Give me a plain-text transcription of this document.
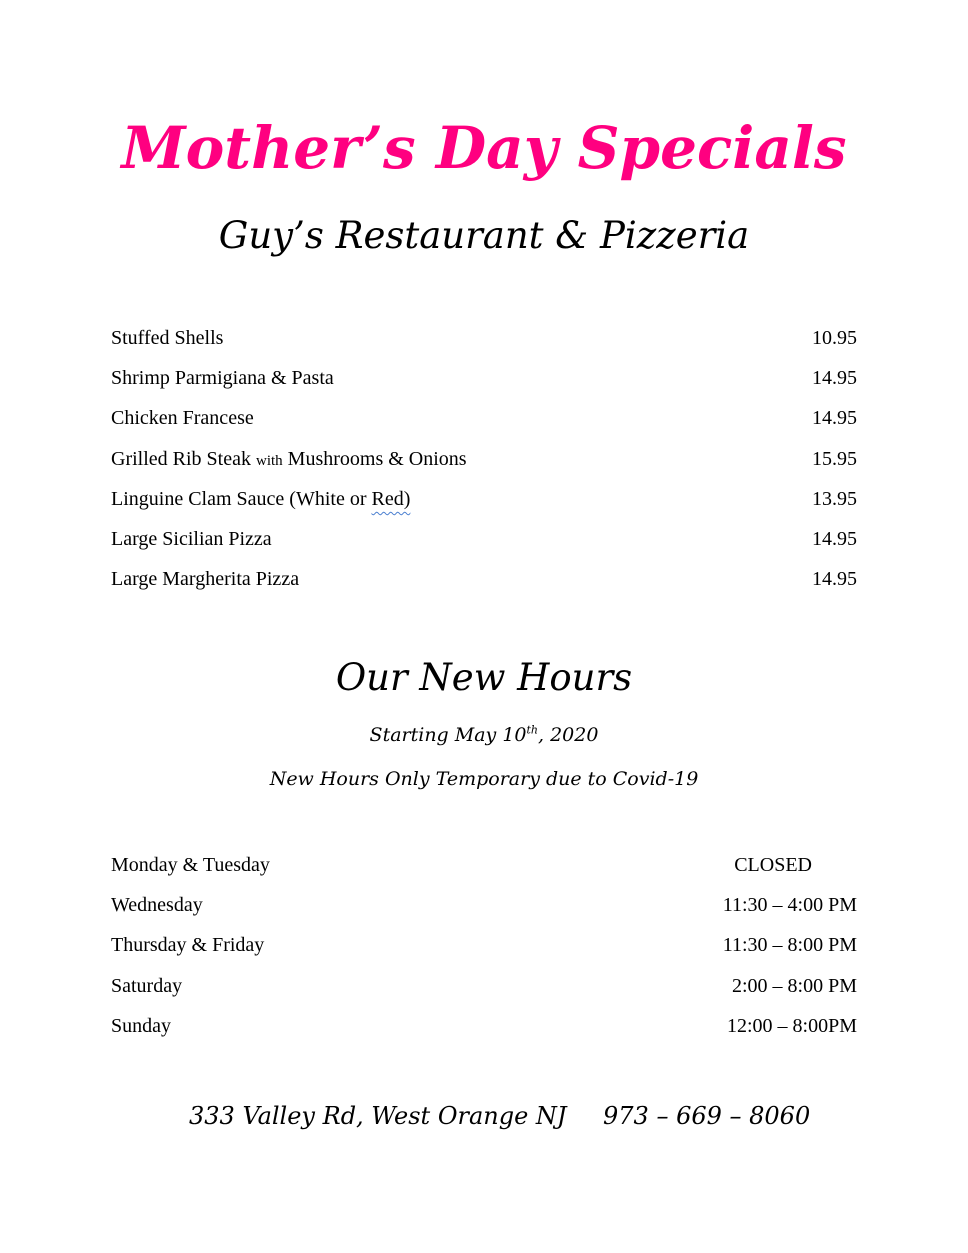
Mother’s Day Specials
Guy’s Restaurant & Pizzeria
Stuffed Shells	10.95
Shrimp Parmigiana & Pasta	14.95
Chicken Francese	14.95
Grilled Rib Steak with Mushrooms & Onions	15.95
Linguine Clam Sauce (White or Red)	13.95
Large Sicilian Pizza	14.95
Large Margherita Pizza	14.95
Our New Hours
Starting May 10th, 2020
New Hours Only Temporary due to Covid-19
Monday & Tuesday	CLOSED
Wednesday	11:30 – 4:00 PM
Thursday & Friday	11:30 – 8:00 PM
Saturday	2:00 – 8:00 PM
Sunday	12:00 – 8:00PM
333 Valley Rd, West Orange NJ 973 – 669 – 8060
